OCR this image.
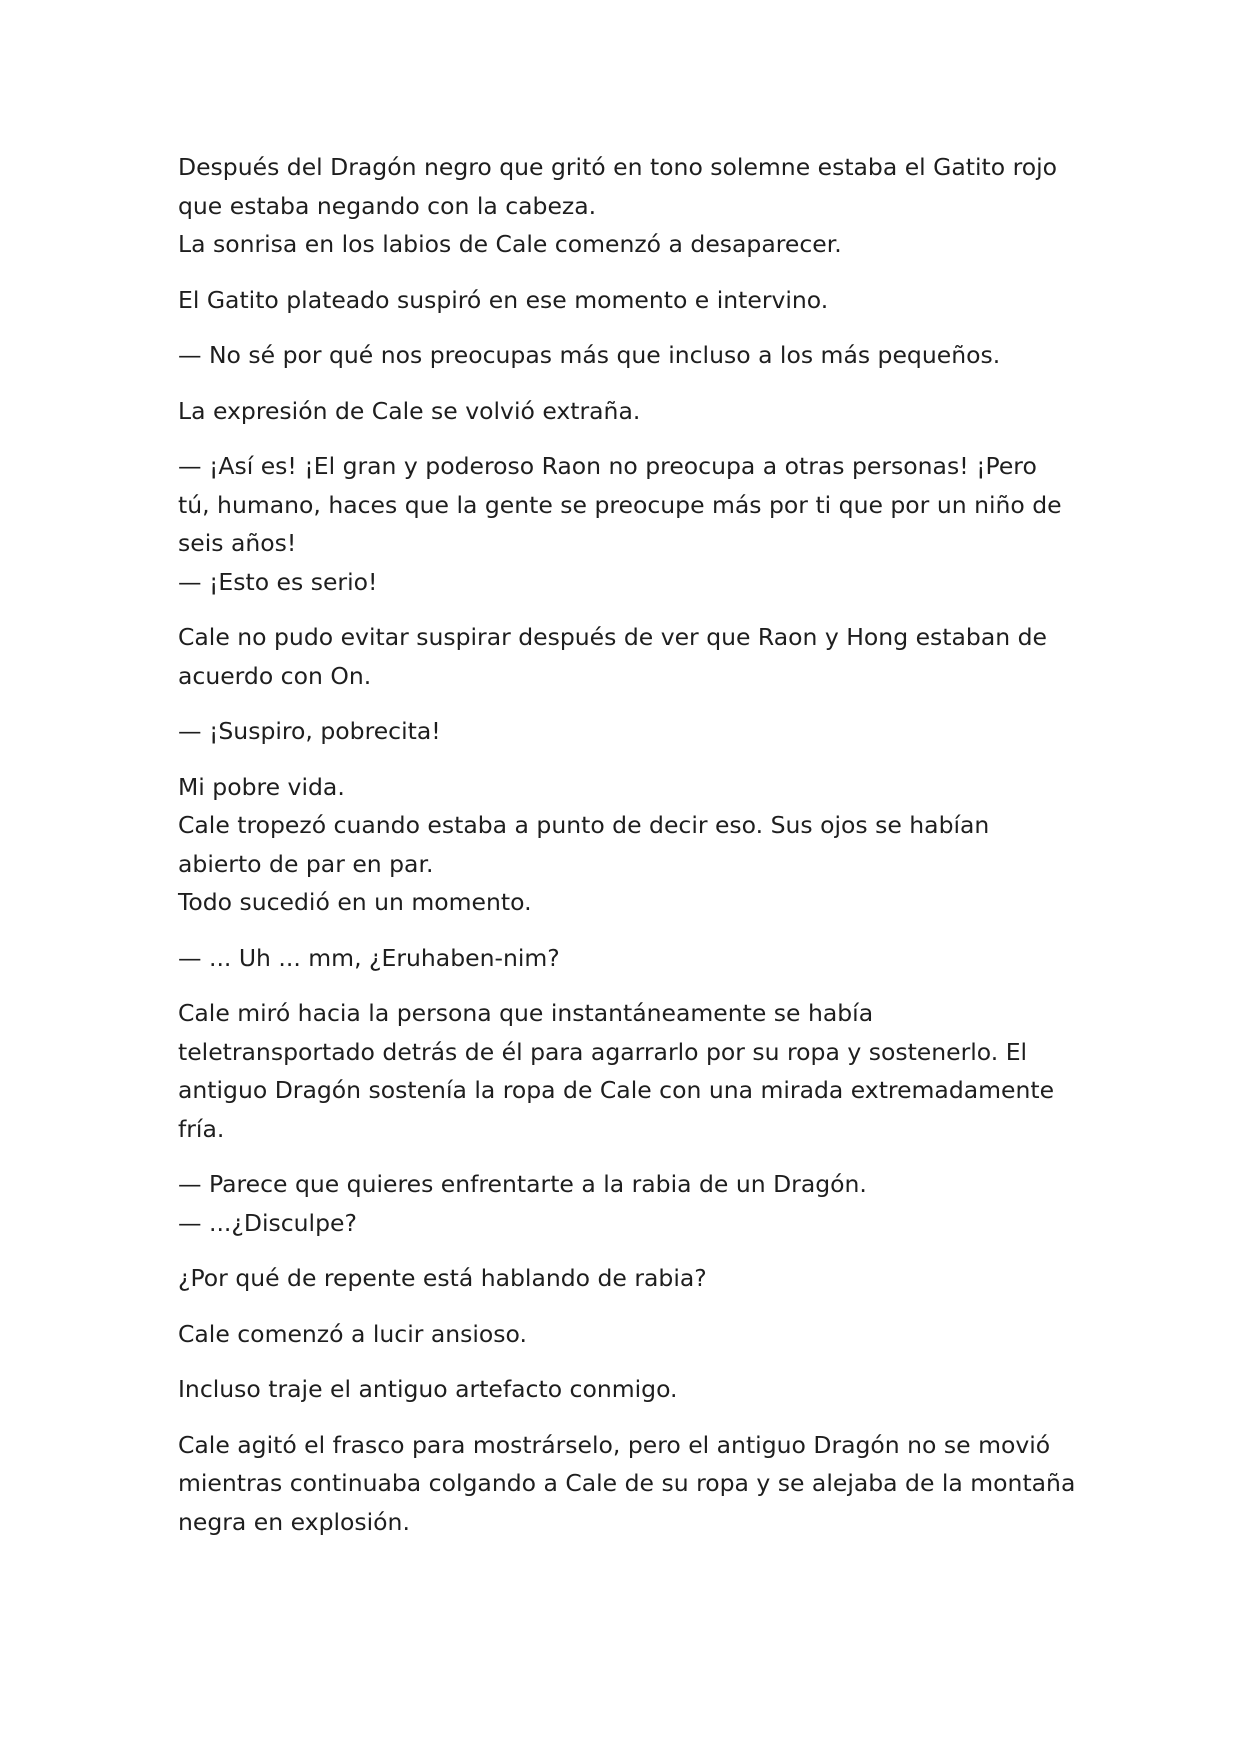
Después del Dragón negro que gritó en tono solemne estaba el Gatito rojo
que estaba negando con la cabeza.
La sonrisa en los labios de Cale comenzó a desaparecer.

El Gatito plateado suspiró en ese momento e intervino.

— No sé por qué nos preocupas más que incluso a los más pequeños.

La expresión de Cale se volvió extraña.

— ¡Así es! ¡El gran y poderoso Raon no preocupa a otras personas! ¡Pero
tú, humano, haces que la gente se preocupe más por ti que por un niño de
seis años!
— ¡Esto es serio!

Cale no pudo evitar suspirar después de ver que Raon y Hong estaban de
acuerdo con On.

— ¡Suspiro, pobrecita!

Mi pobre vida.
Cale tropezó cuando estaba a punto de decir eso. Sus ojos se habían
abierto de par en par.
Todo sucedió en un momento.

— ... Uh ... mm, ¿Eruhaben-nim?

Cale miró hacia la persona que instantáneamente se había
teletransportado detrás de él para agarrarlo por su ropa y sostenerlo. El
antiguo Dragón sostenía la ropa de Cale con una mirada extremadamente
fría.

— Parece que quieres enfrentarte a la rabia de un Dragón.
— ...¿Disculpe?

¿Por qué de repente está hablando de rabia?

Cale comenzó a lucir ansioso.

Incluso traje el antiguo artefacto conmigo.

Cale agitó el frasco para mostrárselo, pero el antiguo Dragón no se movió
mientras continuaba colgando a Cale de su ropa y se alejaba de la montaña
negra en explosión.
